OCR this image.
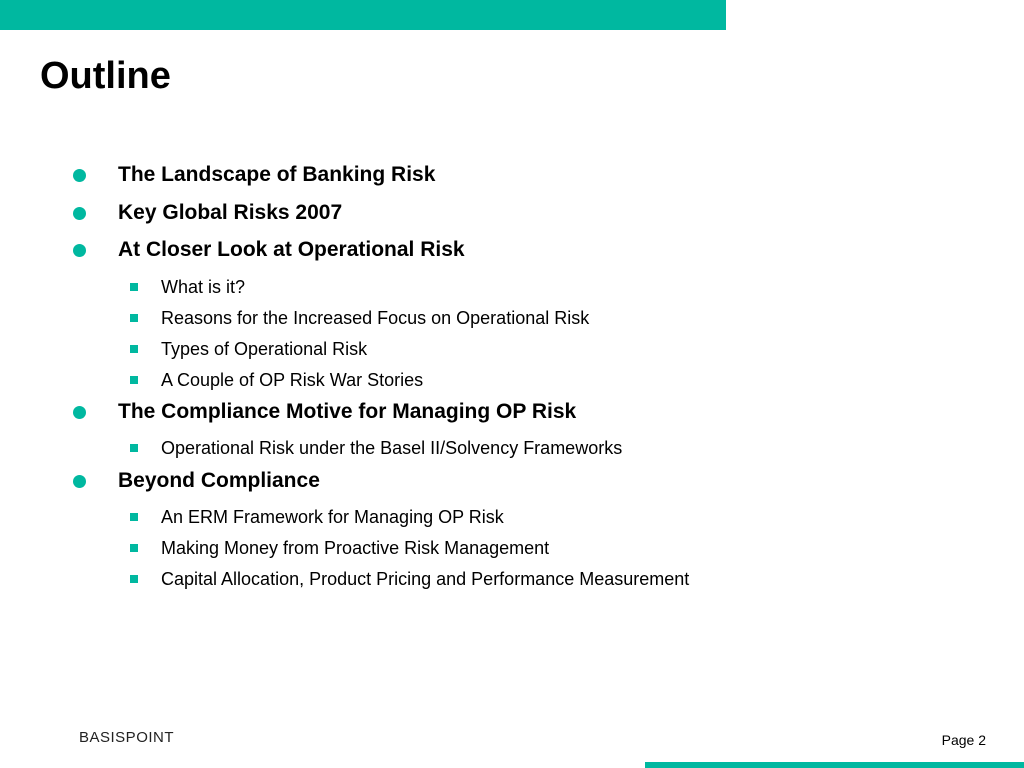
Outline
The Landscape of Banking Risk
Key Global Risks 2007
At Closer Look at Operational Risk
What is it?
Reasons for the Increased Focus on Operational Risk
Types of Operational Risk
A Couple of OP Risk War Stories
The Compliance Motive for Managing OP Risk
Operational Risk under the Basel II/Solvency Frameworks
Beyond Compliance
An ERM Framework for Managing OP Risk
Making Money from Proactive Risk Management
Capital Allocation, Product Pricing and Performance Measurement
BASISPOINT	Page 2
